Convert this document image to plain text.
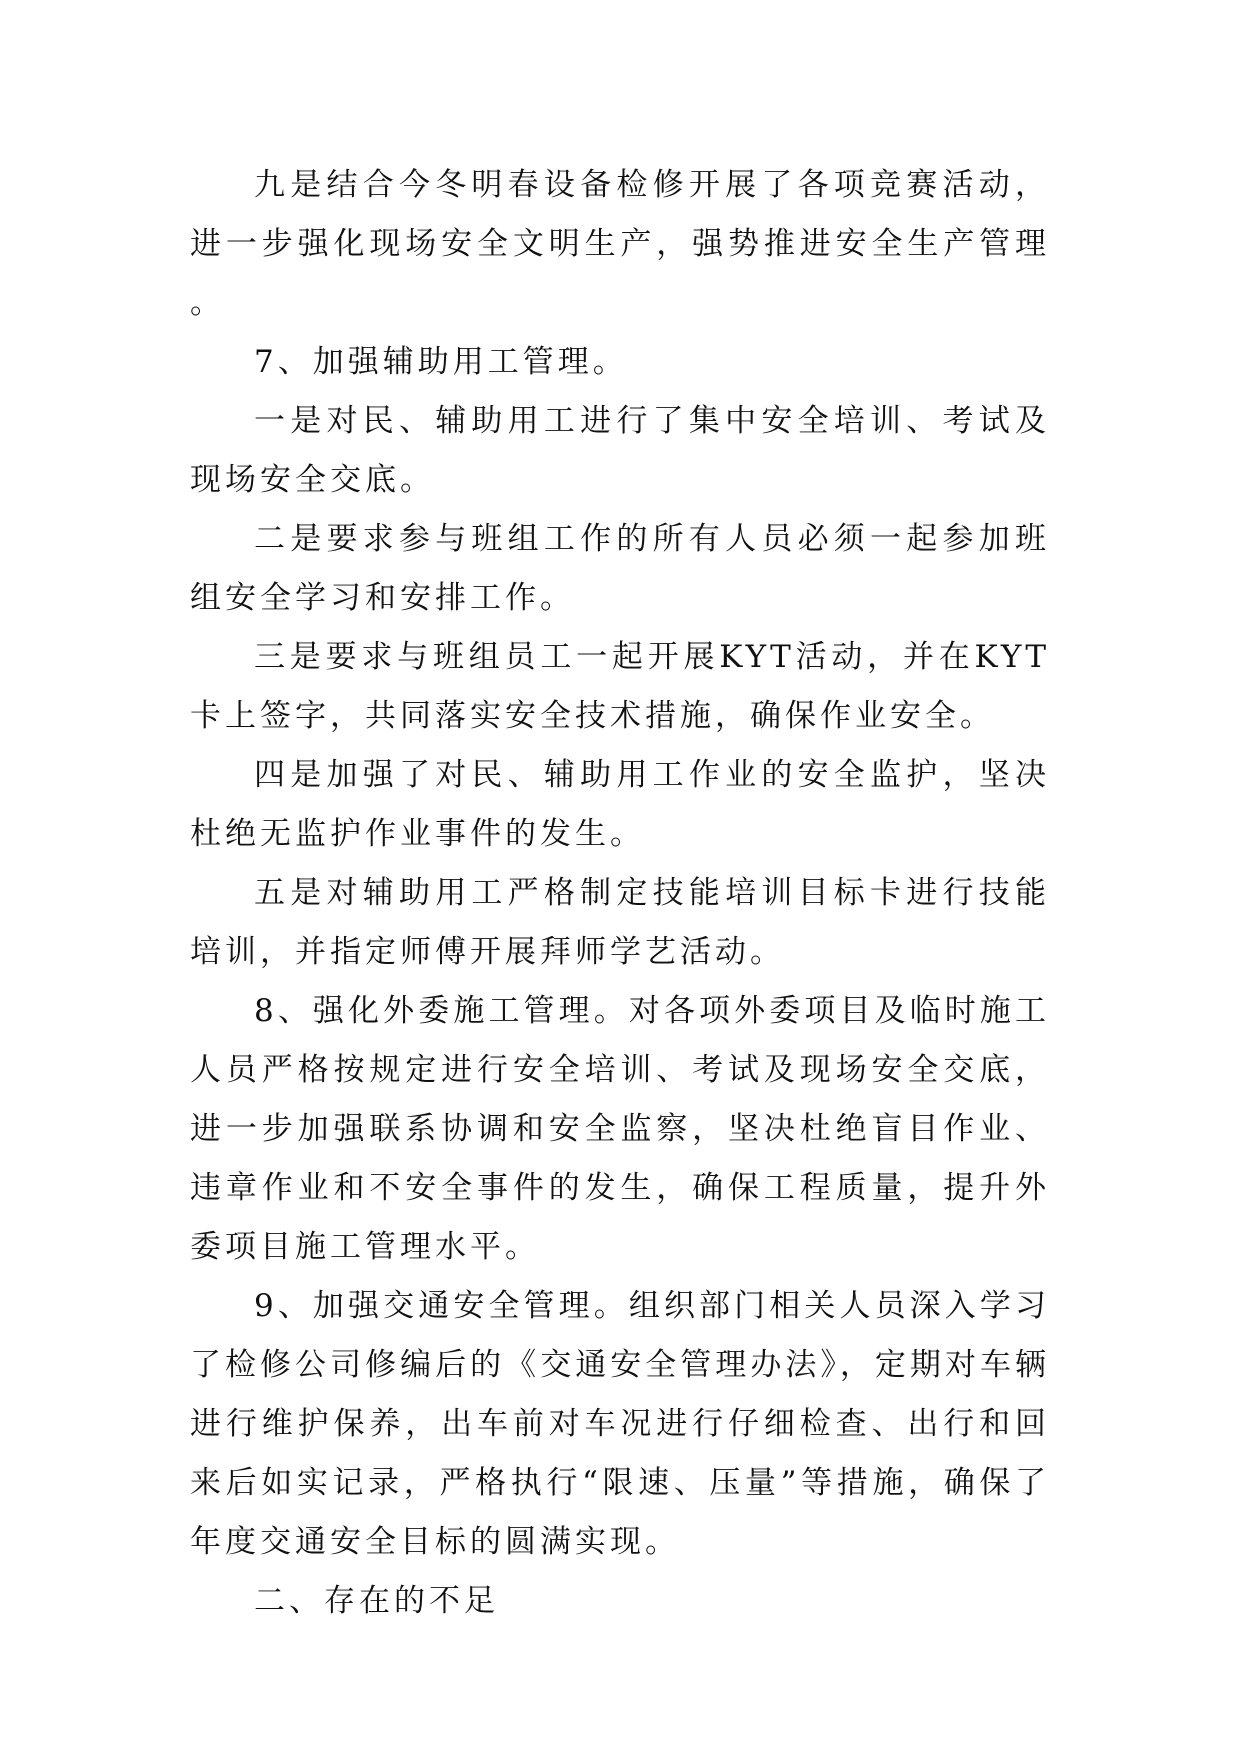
九是结合今冬明春设备检修开展了各项竞赛活动，进一步强化现场安全文明生产，强势推进安全生产管理。

7、加强辅助用工管理。

一是对民、辅助用工进行了集中安全培训、考试及现场安全交底。

二是要求参与班组工作的所有人员必须一起参加班组安全学习和安排工作。

三是要求与班组员工一起开展KYT活动，并在KYT卡上签字，共同落实安全技术措施，确保作业安全。

四是加强了对民、辅助用工作业的安全监护，坚决杜绝无监护作业事件的发生。

五是对辅助用工严格制定技能培训目标卡进行技能培训，并指定师傅开展拜师学艺活动。

8、强化外委施工管理。对各项外委项目及临时施工人员严格按规定进行安全培训、考试及现场安全交底，进一步加强联系协调和安全监察，坚决杜绝盲目作业、违章作业和不安全事件的发生，确保工程质量，提升外委项目施工管理水平。

9、加强交通安全管理。组织部门相关人员深入学习了检修公司修编后的《交通安全管理办法》，定期对车辆进行维护保养，出车前对车况进行仔细检查、出行和回来后如实记录，严格执行“限速、压量”等措施，确保了年度交通安全目标的圆满实现。

二、存在的不足
